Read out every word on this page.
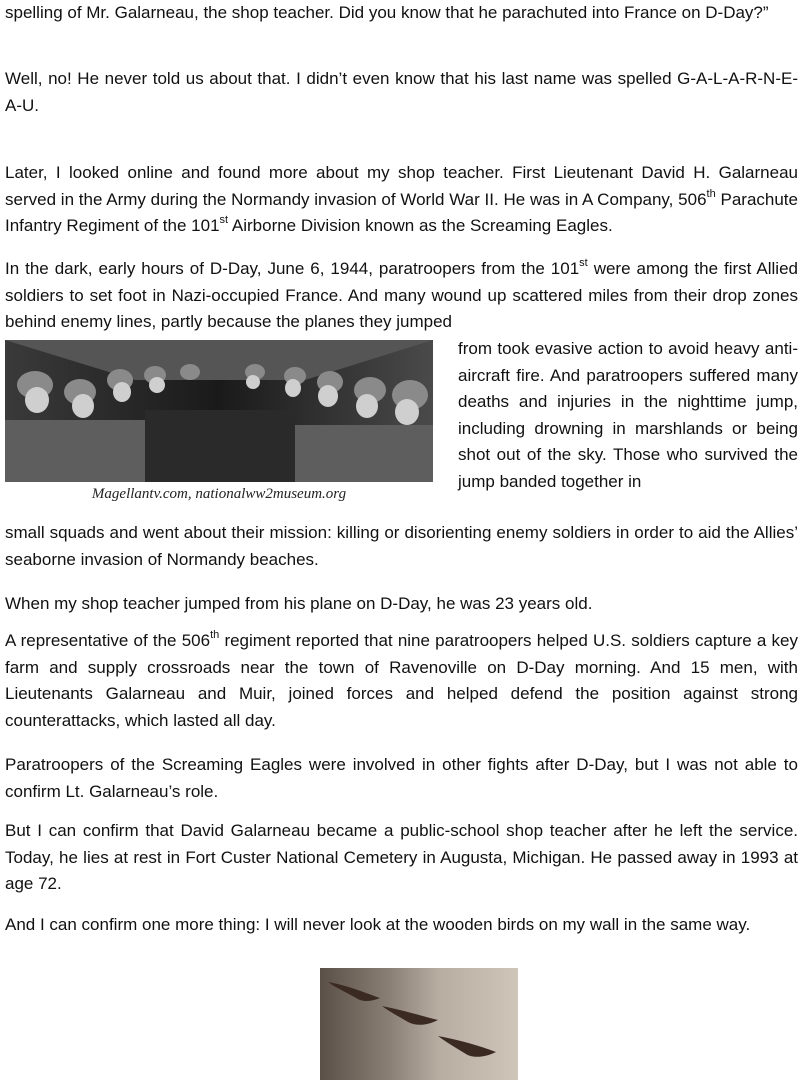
spelling of Mr. Galarneau, the shop teacher. Did you know that he parachuted into France on D-Day?”

Well, no! He never told us about that. I didn’t even know that his last name was spelled G-A-L-A-R-N-E-A-U.

Later, I looked online and found more about my shop teacher. First Lieutenant David H. Galarneau served in the Army during the Normandy invasion of World War II. He was in A Company, 506th Parachute Infantry Regiment of the 101st Airborne Division known as the Screaming Eagles.

In the dark, early hours of D-Day, June 6, 1944, paratroopers from the 101st were among the first Allied soldiers to set foot in Nazi-occupied France. And many wound up scattered miles from their drop zones behind enemy lines, partly because the planes they jumped

Magellantv.com, nationalww2museum.org

from took evasive action to avoid heavy anti-aircraft fire. And paratroopers suffered many deaths and injuries in the nighttime jump, including drowning in marshlands or being shot out of the sky. Those who survived the jump banded together in

small squads and went about their mission: killing or disorienting enemy soldiers in order to aid the Allies’ seaborne invasion of Normandy beaches.

When my shop teacher jumped from his plane on D-Day, he was 23 years old.

A representative of the 506th regiment reported that nine paratroopers helped U.S. soldiers capture a key farm and supply crossroads near the town of Ravenoville on D-Day morning. And 15 men, with Lieutenants Galarneau and Muir, joined forces and helped defend the position against strong counterattacks, which lasted all day.

Paratroopers of the Screaming Eagles were involved in other fights after D-Day, but I was not able to confirm Lt. Galarneau’s role.

But I can confirm that David Galarneau became a public-school shop teacher after he left the service. Today, he lies at rest in Fort Custer National Cemetery in Augusta, Michigan. He passed away in 1993 at age 72.

And I can confirm one more thing: I will never look at the wooden birds on my wall in the same way.
